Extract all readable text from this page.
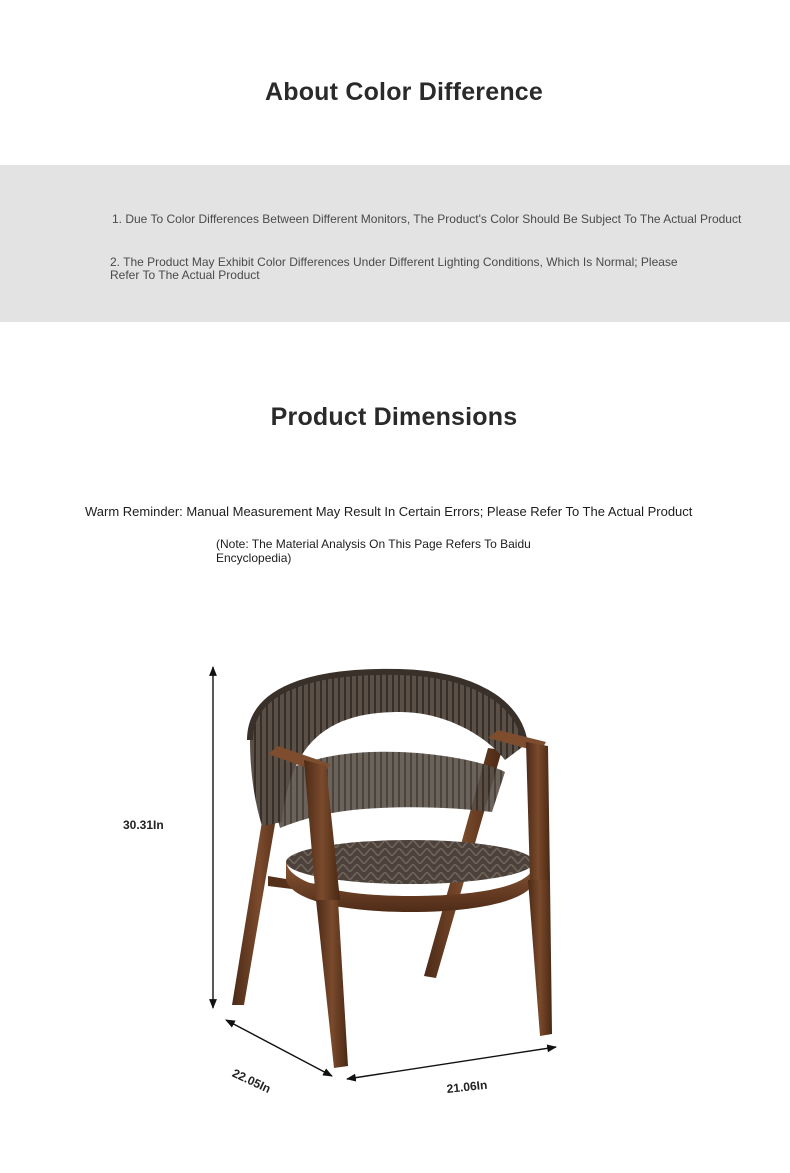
About Color Difference
1. Due To Color Differences Between Different Monitors, The Product's Color Should Be Subject To The Actual Product
2. The Product May Exhibit Color Differences Under Different Lighting Conditions, Which Is Normal; Please Refer To The Actual Product
Product Dimensions
Warm Reminder: Manual Measurement May Result In Certain Errors; Please Refer To The Actual Product
(Note: The Material Analysis On This Page Refers To Baidu Encyclopedia)
30.31In
22.05In	21.06In
